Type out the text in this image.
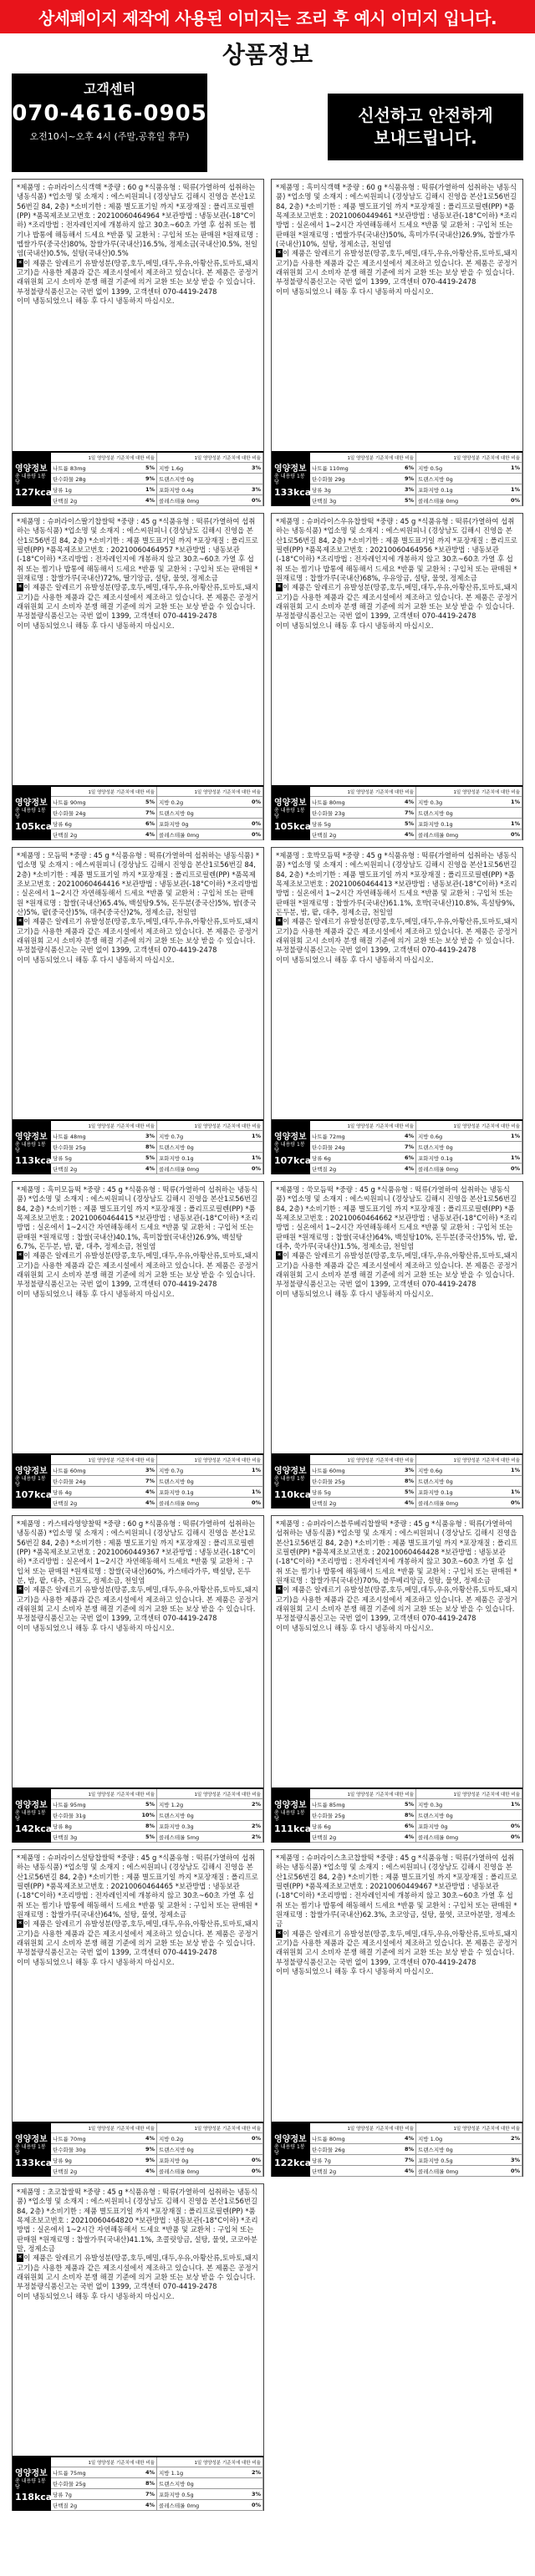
상세페이지 제작에 사용된 이미지는 조리 후 예시 이미지 입니다.
상품정보
고객센터
070-4616-0905
오전10시~오후 4시 (주말,공휴일 휴무)
신선하고 안전하게
보내드립니다.

*제품명 : 슈퍼라이스식객핵 *중량 : 60 g *식품유형 : 떡류(가열하여 섭취하는 냉동식품) *업소명 및 소재지 : 에스씨원피니 (경상남도 김해시 진영읍 본산1로56번길 84, 2층) *소비기한 : 제품 별도표기일 까지 *포장재질 : 폴리프로필렌(PP) *품목제조보고번호 : 20210060464964 *보관방법 : 냉동보관(-18°C이하) *조리방법 : 전자레인지에 개봉하지 않고 30초~60초 가열 후 섭취 또는 찜기나 밥통에 해동해서 드세요 *반품 및 교환처 : 구입처 또는 판매원 *원재료명 : 멥쌀가루(중국산)80%, 찹쌀가루(국내산)16.5%, 정제소금(국내산)0.5%, 천일염(국내산)0.5%, 설탕(국내산)0.5%

* 이 제품은 알레르기 유발성분(땅콩,호두,메밀,대두,우유,아황산류,토마토,돼지고기)을 사용한 제품과 같은 제조시설에서 제조하고 있습니다. 본 제품은 공정거래위원회 고시 소비자 분쟁 해결 기준에 의거 교환 또는 보상 받을 수 있습니다. 부정불량식품신고는 국번 없이 1399, 고객센터 070-4419-2478

이미 냉동되었으니 해동 후 다시 냉동하지 마십시오.

영양정보
총 내용량 1봉 당
127kcal
1일 영양성분 기준치에 대한 비율	1일 영양성분 기준치에 대한 비율
나트륨 83mg	5% 지방 1.6g	3%
탄수화물 28g	9% 트랜스지방 0g
당류 1g	1% 포화지방 0.4g	3%
단백질 2g	4% 콜레스테롤 0mg	0%

*제품명 : 흑미식객핵 *중량 : 60 g *식품유형 : 떡류(가열하여 섭취하는 냉동식품) *업소명 및 소재지 : 에스씨원피니 (경상남도 김해시 진영읍 본산1로56번길 84, 2층) *소비기한 : 제품 별도표기일 까지 *포장재질 : 폴리프로필렌(PP) *품목제조보고번호 : 20210060449461 *보관방법 : 냉동보관(-18°C이하) *조리방법 : 실온에서 1~2시간 자연해동해서 드세요 *반품 및 교환처 : 구입처 또는 판매원 *원재료명 : 멥쌀가루(국내산)50%, 흑미가루(국내산)26.9%, 찹쌀가루(국내산)10%, 설탕, 정제소금, 천일염

* 이 제품은 알레르기 유발성분(땅콩,호두,메밀,대두,우유,아황산류,토마토,돼지고기)을 사용한 제품과 같은 제조시설에서 제조하고 있습니다. 본 제품은 공정거래위원회 고시 소비자 분쟁 해결 기준에 의거 교환 또는 보상 받을 수 있습니다. 부정불량식품신고는 국번 없이 1399, 고객센터 070-4419-2478

이미 냉동되었으니 해동 후 다시 냉동하지 마십시오.

영양정보
총 내용량 1봉 당
133kcal
1일 영양성분 기준치에 대한 비율	1일 영양성분 기준치에 대한 비율
나트륨 110mg	6% 지방 0.5g	1%
탄수화물 29g	9% 트랜스지방 0g
당류 3g	3% 포화지방 0.1g	1%
단백질 3g	5% 콜레스테롤 0mg	0%

*제품명 : 슈퍼라이스딸기찹쌀떡 *중량 : 45 g *식품유형 : 떡류(가열하여 섭취하는 냉동식품) *업소명 및 소재지 : 에스씨원피니 (경상남도 김해시 진영읍 본산1로56번길 84, 2층) *소비기한 : 제품 별도표기일 까지 *포장재질 : 폴리프로필렌(PP) *품목제조보고번호 : 20210060464957 *보관방법 : 냉동보관(-18°C이하) *조리방법 : 전자레인지에 개봉하지 않고 30초~60초 가열 후 섭취 또는 찜기나 밥통에 해동해서 드세요 *반품 및 교환처 : 구입처 또는 판매원 *원재료명 : 찹쌀가루(국내산)72%, 딸기앙금, 설탕, 물엿, 정제소금

* 이 제품은 알레르기 유발성분(땅콩,호두,메밀,대두,우유,아황산류,토마토,돼지고기)을 사용한 제품과 같은 제조시설에서 제조하고 있습니다. 본 제품은 공정거래위원회 고시 소비자 분쟁 해결 기준에 의거 교환 또는 보상 받을 수 있습니다. 부정불량식품신고는 국번 없이 1399, 고객센터 070-4419-2478

이미 냉동되었으니 해동 후 다시 냉동하지 마십시오.

영양정보
총 내용량 1봉 당
105kcal
1일 영양성분 기준치에 대한 비율	1일 영양성분 기준치에 대한 비율
나트륨 90mg	5% 지방 0.2g	0%
탄수화물 24g	7% 트랜스지방 0g
당류 6g	6% 포화지방 0g	0%
단백질 2g	4% 콜레스테롤 0mg	0%

*제품명 : 슈퍼라이스우유찹쌀떡 *중량 : 45 g *식품유형 : 떡류(가열하여 섭취하는 냉동식품) *업소명 및 소재지 : 에스씨원피니 (경상남도 김해시 진영읍 본산1로56번길 84, 2층) *소비기한 : 제품 별도표기일 까지 *포장재질 : 폴리프로필렌(PP) *품목제조보고번호 : 20210060464956 *보관방법 : 냉동보관(-18°C이하) *조리방법 : 전자레인지에 개봉하지 않고 30초~60초 가열 후 섭취 또는 찜기나 밥통에 해동해서 드세요 *반품 및 교환처 : 구입처 또는 판매원 *원재료명 : 찹쌀가루(국내산)68%, 우유앙금, 설탕, 물엿, 정제소금

* 이 제품은 알레르기 유발성분(땅콩,호두,메밀,대두,우유,아황산류,토마토,돼지고기)을 사용한 제품과 같은 제조시설에서 제조하고 있습니다. 본 제품은 공정거래위원회 고시 소비자 분쟁 해결 기준에 의거 교환 또는 보상 받을 수 있습니다. 부정불량식품신고는 국번 없이 1399, 고객센터 070-4419-2478

이미 냉동되었으니 해동 후 다시 냉동하지 마십시오.

영양정보
총 내용량 1봉 당
105kcal
1일 영양성분 기준치에 대한 비율	1일 영양성분 기준치에 대한 비율
나트륨 80mg	4% 지방 0.3g	1%
탄수화물 23g	7% 트랜스지방 0g
당류 5g	5% 포화지방 0.1g	1%
단백질 2g	4% 콜레스테롤 0mg	0%

*제품명 : 모듬떡 *중량 : 45 g *식품유형 : 떡류(가열하여 섭취하는 냉동식품) *업소명 및 소재지 : 에스씨원피니 (경상남도 김해시 진영읍 본산1로56번길 84, 2층) *소비기한 : 제품 별도표기일 까지 *포장재질 : 폴리프로필렌(PP) *품목제조보고번호 : 20210060464416 *보관방법 : 냉동보관(-18°C이하) *조리방법 : 실온에서 1~2시간 자연해동해서 드세요 *반품 및 교환처 : 구입처 또는 판매원 *원재료명 : 찹쌀(국내산)65.4%, 백설탕9.5%, 돈두분(중국산)5%, 밤(중국산)5%, 팥(중국산)5%, 대추(중국산)2%, 정제소금, 천일염

* 이 제품은 알레르기 유발성분(땅콩,호두,메밀,대두,우유,아황산류,토마토,돼지고기)을 사용한 제품과 같은 제조시설에서 제조하고 있습니다. 본 제품은 공정거래위원회 고시 소비자 분쟁 해결 기준에 의거 교환 또는 보상 받을 수 있습니다. 부정불량식품신고는 국번 없이 1399, 고객센터 070-4419-2478

이미 냉동되었으니 해동 후 다시 냉동하지 마십시오.

영양정보
총 내용량 1봉 당
113kcal
1일 영양성분 기준치에 대한 비율	1일 영양성분 기준치에 대한 비율
나트륨 48mg	3% 지방 0.7g	1%
탄수화물 25g	8% 트랜스지방 0g
당류 5g	5% 포화지방 0.1g	1%
단백질 2g	4% 콜레스테롤 0mg	0%

*제품명 : 호박모듬떡 *중량 : 45 g *식품유형 : 떡류(가열하여 섭취하는 냉동식품) *업소명 및 소재지 : 에스씨원피니 (경상남도 김해시 진영읍 본산1로56번길 84, 2층) *소비기한 : 제품 별도표기일 까지 *포장재질 : 폴리프로필렌(PP) *품목제조보고번호 : 20210060464413 *보관방법 : 냉동보관(-18°C이하) *조리방법 : 실온에서 1~2시간 자연해동해서 드세요 *반품 및 교환처 : 구입처 또는 판매원 *원재료명 : 찹쌀가루(국내산)61.1%, 호박(국내산)10.8%, 흑설탕9%, 돈두분, 밤, 팥, 대추, 정제소금, 천일염

* 이 제품은 알레르기 유발성분(땅콩,호두,메밀,대두,우유,아황산류,토마토,돼지고기)을 사용한 제품과 같은 제조시설에서 제조하고 있습니다. 본 제품은 공정거래위원회 고시 소비자 분쟁 해결 기준에 의거 교환 또는 보상 받을 수 있습니다. 부정불량식품신고는 국번 없이 1399, 고객센터 070-4419-2478

이미 냉동되었으니 해동 후 다시 냉동하지 마십시오.

영양정보
총 내용량 1봉 당
107kcal
1일 영양성분 기준치에 대한 비율	1일 영양성분 기준치에 대한 비율
나트륨 72mg	4% 지방 0.6g	1%
탄수화물 24g	7% 트랜스지방 0g
당류 6g	6% 포화지방 0.1g	1%
단백질 2g	4% 콜레스테롤 0mg	0%

*제품명 : 흑미모듬떡 *중량 : 45 g *식품유형 : 떡류(가열하여 섭취하는 냉동식품) *업소명 및 소재지 : 에스씨원피니 (경상남도 김해시 진영읍 본산1로56번길 84, 2층) *소비기한 : 제품 별도표기일 까지 *포장재질 : 폴리프로필렌(PP) *품목제조보고번호 : 20210060464415 *보관방법 : 냉동보관(-18°C이하) *조리방법 : 실온에서 1~2시간 자연해동해서 드세요 *반품 및 교환처 : 구입처 또는 판매원 *원재료명 : 찹쌀(국내산)40.1%, 흑미찹쌀(국내산)26.9%, 백설탕6.7%, 돈두분, 밤, 팥, 대추, 정제소금, 천일염

* 이 제품은 알레르기 유발성분(땅콩,호두,메밀,대두,우유,아황산류,토마토,돼지고기)을 사용한 제품과 같은 제조시설에서 제조하고 있습니다. 본 제품은 공정거래위원회 고시 소비자 분쟁 해결 기준에 의거 교환 또는 보상 받을 수 있습니다. 부정불량식품신고는 국번 없이 1399, 고객센터 070-4419-2478

이미 냉동되었으니 해동 후 다시 냉동하지 마십시오.

영양정보
총 내용량 1봉 당
107kcal
1일 영양성분 기준치에 대한 비율	1일 영양성분 기준치에 대한 비율
나트륨 60mg	3% 지방 0.7g	1%
탄수화물 24g	7% 트랜스지방 0g
당류 4g	4% 포화지방 0.1g	1%
단백질 2g	4% 콜레스테롤 0mg	0%

*제품명 : 쑥모듬떡 *중량 : 45 g *식품유형 : 떡류(가열하여 섭취하는 냉동식품) *업소명 및 소재지 : 에스씨원피니 (경상남도 김해시 진영읍 본산1로56번길 84, 2층) *소비기한 : 제품 별도표기일 까지 *포장재질 : 폴리프로필렌(PP) *품목제조보고번호 : 20210060464662 *보관방법 : 냉동보관(-18°C이하) *조리방법 : 실온에서 1~2시간 자연해동해서 드세요 *반품 및 교환처 : 구입처 또는 판매원 *원재료명 : 찹쌀(국내산)64%, 백설탕10%, 돈두분(중국산)5%, 밤, 팥, 대추, 쑥가루(국내산)1.5%, 정제소금, 천일염

* 이 제품은 알레르기 유발성분(땅콩,호두,메밀,대두,우유,아황산류,토마토,돼지고기)을 사용한 제품과 같은 제조시설에서 제조하고 있습니다. 본 제품은 공정거래위원회 고시 소비자 분쟁 해결 기준에 의거 교환 또는 보상 받을 수 있습니다. 부정불량식품신고는 국번 없이 1399, 고객센터 070-4419-2478

이미 냉동되었으니 해동 후 다시 냉동하지 마십시오.

영양정보
총 내용량 1봉 당
110kcal
1일 영양성분 기준치에 대한 비율	1일 영양성분 기준치에 대한 비율
나트륨 60mg	3% 지방 0.6g	1%
탄수화물 25g	8% 트랜스지방 0g
당류 5g	5% 포화지방 0.1g	1%
단백질 2g	4% 콜레스테롤 0mg	0%

*제품명 : 카스테라영양찰떡 *중량 : 60 g *식품유형 : 떡류(가열하여 섭취하는 냉동식품) *업소명 및 소재지 : 에스씨원피니 (경상남도 김해시 진영읍 본산1로56번길 84, 2층) *소비기한 : 제품 별도표기일 까지 *포장재질 : 폴리프로필렌(PP) *품목제조보고번호 : 20210060449367 *보관방법 : 냉동보관(-18°C이하) *조리방법 : 실온에서 1~2시간 자연해동해서 드세요 *반품 및 교환처 : 구입처 또는 판매원 *원재료명 : 찹쌀(국내산)60%, 카스테라가루, 백설탕, 돈두분, 밤, 팥, 대추, 건포도, 정제소금, 천일염

* 이 제품은 알레르기 유발성분(땅콩,호두,메밀,대두,우유,아황산류,토마토,돼지고기)을 사용한 제품과 같은 제조시설에서 제조하고 있습니다. 본 제품은 공정거래위원회 고시 소비자 분쟁 해결 기준에 의거 교환 또는 보상 받을 수 있습니다. 부정불량식품신고는 국번 없이 1399, 고객센터 070-4419-2478

이미 냉동되었으니 해동 후 다시 냉동하지 마십시오.

영양정보
총 내용량 1봉 당
142kcal
1일 영양성분 기준치에 대한 비율	1일 영양성분 기준치에 대한 비율
나트륨 95mg	5% 지방 1.2g	2%
탄수화물 31g	10% 트랜스지방 0g
당류 8g	8% 포화지방 0.3g	2%
단백질 3g	5% 콜레스테롤 5mg	2%

*제품명 : 슈퍼라이스블루베리찹쌀떡 *중량 : 45 g *식품유형 : 떡류(가열하여 섭취하는 냉동식품) *업소명 및 소재지 : 에스씨원피니 (경상남도 김해시 진영읍 본산1로56번길 84, 2층) *소비기한 : 제품 별도표기일 까지 *포장재질 : 폴리프로필렌(PP) *품목제조보고번호 : 20210060464428 *보관방법 : 냉동보관(-18°C이하) *조리방법 : 전자레인지에 개봉하지 않고 30초~60초 가열 후 섭취 또는 찜기나 밥통에 해동해서 드세요 *반품 및 교환처 : 구입처 또는 판매원 *원재료명 : 찹쌀가루(국내산)70%, 블루베리앙금, 설탕, 물엿, 정제소금

* 이 제품은 알레르기 유발성분(땅콩,호두,메밀,대두,우유,아황산류,토마토,돼지고기)을 사용한 제품과 같은 제조시설에서 제조하고 있습니다. 본 제품은 공정거래위원회 고시 소비자 분쟁 해결 기준에 의거 교환 또는 보상 받을 수 있습니다. 부정불량식품신고는 국번 없이 1399, 고객센터 070-4419-2478

이미 냉동되었으니 해동 후 다시 냉동하지 마십시오.

영양정보
총 내용량 1봉 당
111kcal
1일 영양성분 기준치에 대한 비율	1일 영양성분 기준치에 대한 비율
나트륨 85mg	5% 지방 0.3g	1%
탄수화물 25g	8% 트랜스지방 0g
당류 6g	6% 포화지방 0g	0%
단백질 2g	4% 콜레스테롤 0mg	0%

*제품명 : 슈퍼라이스설탕찹쌀떡 *중량 : 45 g *식품유형 : 떡류(가열하여 섭취하는 냉동식품) *업소명 및 소재지 : 에스씨원피니 (경상남도 김해시 진영읍 본산1로56번길 84, 2층) *소비기한 : 제품 별도표기일 까지 *포장재질 : 폴리프로필렌(PP) *품목제조보고번호 : 20210060464465 *보관방법 : 냉동보관(-18°C이하) *조리방법 : 전자레인지에 개봉하지 않고 30초~60초 가열 후 섭취 또는 찜기나 밥통에 해동해서 드세요 *반품 및 교환처 : 구입처 또는 판매원 *원재료명 : 찹쌀가루(국내산)64%, 설탕, 물엿, 정제소금

* 이 제품은 알레르기 유발성분(땅콩,호두,메밀,대두,우유,아황산류,토마토,돼지고기)을 사용한 제품과 같은 제조시설에서 제조하고 있습니다. 본 제품은 공정거래위원회 고시 소비자 분쟁 해결 기준에 의거 교환 또는 보상 받을 수 있습니다. 부정불량식품신고는 국번 없이 1399, 고객센터 070-4419-2478

이미 냉동되었으니 해동 후 다시 냉동하지 마십시오.

영양정보
총 내용량 1봉 당
133kcal
1일 영양성분 기준치에 대한 비율	1일 영양성분 기준치에 대한 비율
나트륨 70mg	4% 지방 0.2g	0%
탄수화물 30g	9% 트랜스지방 0g
당류 9g	9% 포화지방 0g	0%
단백질 2g	4% 콜레스테롤 0mg	0%

*제품명 : 슈퍼라이스초코찹쌀떡 *중량 : 45 g *식품유형 : 떡류(가열하여 섭취하는 냉동식품) *업소명 및 소재지 : 에스씨원피니 (경상남도 김해시 진영읍 본산1로56번길 84, 2층) *소비기한 : 제품 별도표기일 까지 *포장재질 : 폴리프로필렌(PP) *품목제조보고번호 : 20210060449467 *보관방법 : 냉동보관(-18°C이하) *조리방법 : 전자레인지에 개봉하지 않고 30초~60초 가열 후 섭취 또는 찜기나 밥통에 해동해서 드세요 *반품 및 교환처 : 구입처 또는 판매원 *원재료명 : 찹쌀가루(국내산)62.3%, 초코앙금, 설탕, 물엿, 코코아분말, 정제소금

* 이 제품은 알레르기 유발성분(땅콩,호두,메밀,대두,우유,아황산류,토마토,돼지고기)을 사용한 제품과 같은 제조시설에서 제조하고 있습니다. 본 제품은 공정거래위원회 고시 소비자 분쟁 해결 기준에 의거 교환 또는 보상 받을 수 있습니다. 부정불량식품신고는 국번 없이 1399, 고객센터 070-4419-2478

이미 냉동되었으니 해동 후 다시 냉동하지 마십시오.

영양정보
총 내용량 1봉 당
122kcal
1일 영양성분 기준치에 대한 비율	1일 영양성분 기준치에 대한 비율
나트륨 80mg	4% 지방 1.0g	2%
탄수화물 26g	8% 트랜스지방 0g
당류 7g	7% 포화지방 0.5g	3%
단백질 2g	4% 콜레스테롤 0mg	0%

*제품명 : 초코찹쌀떡 *중량 : 45 g *식품유형 : 떡류(가열하여 섭취하는 냉동식품) *업소명 및 소재지 : 에스씨원피니 (경상남도 김해시 진영읍 본산1로56번길 84, 2층) *소비기한 : 제품 별도표기일 까지 *포장재질 : 폴리프로필렌(PP) *품목제조보고번호 : 20210060464820 *보관방법 : 냉동보관(-18°C이하) *조리방법 : 실온에서 1~2시간 자연해동해서 드세요 *반품 및 교환처 : 구입처 또는 판매원 *원재료명 : 찹쌀가루(국내산)41.1%, 초콜릿앙금, 설탕, 물엿, 코코아분말, 정제소금

* 이 제품은 알레르기 유발성분(땅콩,호두,메밀,대두,우유,아황산류,토마토,돼지고기)을 사용한 제품과 같은 제조시설에서 제조하고 있습니다. 본 제품은 공정거래위원회 고시 소비자 분쟁 해결 기준에 의거 교환 또는 보상 받을 수 있습니다. 부정불량식품신고는 국번 없이 1399, 고객센터 070-4419-2478

이미 냉동되었으니 해동 후 다시 냉동하지 마십시오.

영양정보
총 내용량 1봉 당
118kcal
1일 영양성분 기준치에 대한 비율	1일 영양성분 기준치에 대한 비율
나트륨 75mg	4% 지방 1.1g	2%
탄수화물 25g	8% 트랜스지방 0g
당류 7g	7% 포화지방 0.5g	3%
단백질 2g	4% 콜레스테롤 0mg	0%
